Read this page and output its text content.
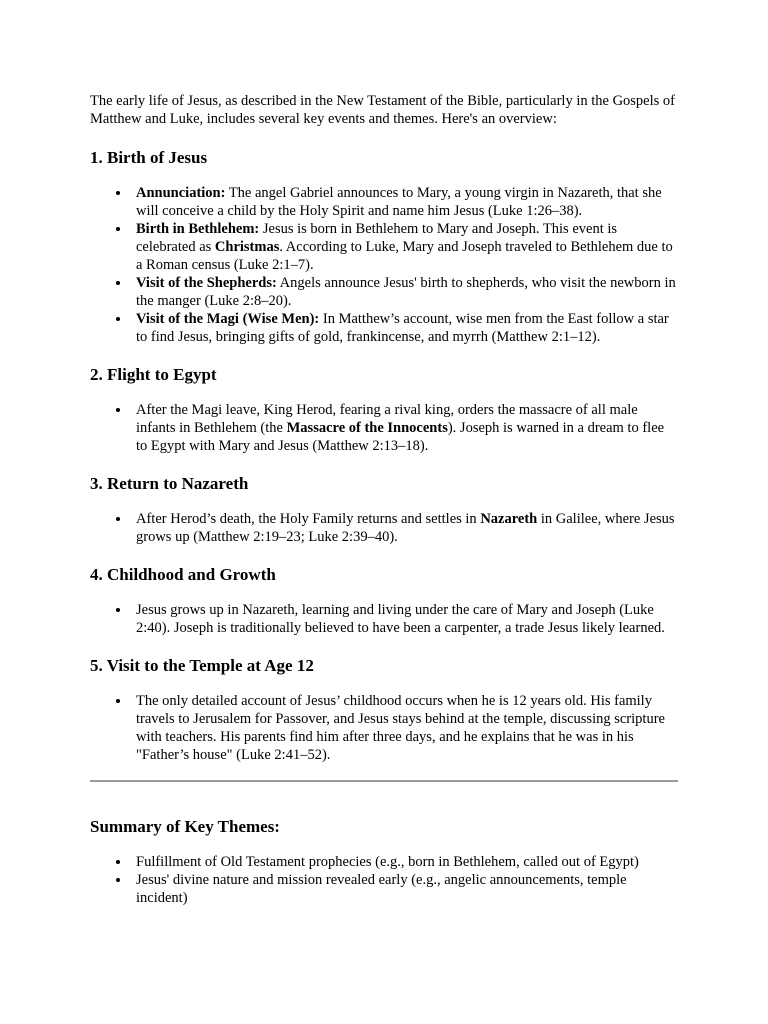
The early life of Jesus, as described in the New Testament of the Bible, particularly in the Gospels of Matthew and Luke, includes several key events and themes. Here's an overview:

1. Birth of Jesus
Annunciation: The angel Gabriel announces to Mary, a young virgin in Nazareth, that she will conceive a child by the Holy Spirit and name him Jesus (Luke 1:26–38).
Birth in Bethlehem: Jesus is born in Bethlehem to Mary and Joseph. This event is celebrated as Christmas. According to Luke, Mary and Joseph traveled to Bethlehem due to a Roman census (Luke 2:1–7).
Visit of the Shepherds: Angels announce Jesus' birth to shepherds, who visit the newborn in the manger (Luke 2:8–20).
Visit of the Magi (Wise Men): In Matthew’s account, wise men from the East follow a star to find Jesus, bringing gifts of gold, frankincense, and myrrh (Matthew 2:1–12).
2. Flight to Egypt
After the Magi leave, King Herod, fearing a rival king, orders the massacre of all male infants in Bethlehem (the Massacre of the Innocents). Joseph is warned in a dream to flee to Egypt with Mary and Jesus (Matthew 2:13–18).
3. Return to Nazareth
After Herod’s death, the Holy Family returns and settles in Nazareth in Galilee, where Jesus grows up (Matthew 2:19–23; Luke 2:39–40).
4. Childhood and Growth
Jesus grows up in Nazareth, learning and living under the care of Mary and Joseph (Luke 2:40). Joseph is traditionally believed to have been a carpenter, a trade Jesus likely learned.
5. Visit to the Temple at Age 12
The only detailed account of Jesus’ childhood occurs when he is 12 years old. His family travels to Jerusalem for Passover, and Jesus stays behind at the temple, discussing scripture with teachers. His parents find him after three days, and he explains that he was in his "Father’s house" (Luke 2:41–52).
Summary of Key Themes:
Fulfillment of Old Testament prophecies (e.g., born in Bethlehem, called out of Egypt)
Jesus' divine nature and mission revealed early (e.g., angelic announcements, temple incident)
